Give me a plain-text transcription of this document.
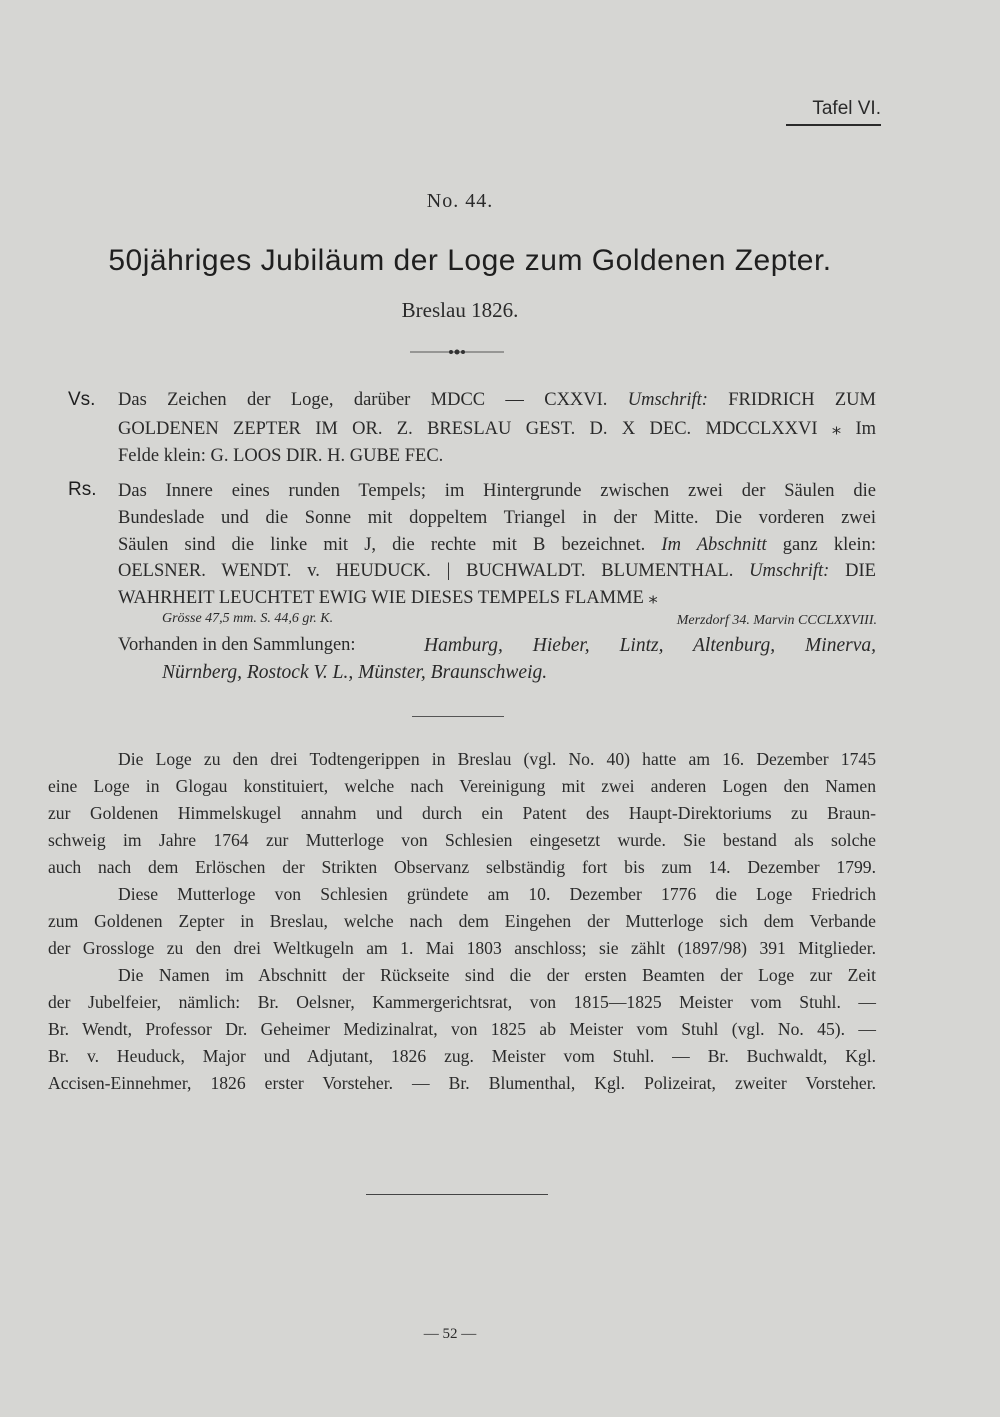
Tafel VI.
No. 44.
50jähriges Jubiläum der Loge zum Goldenen Zepter.
Breslau 1826.
Vs. Das Zeichen der Loge, darüber MDCC — CXXVI. Umschrift: FRIDRICH ZUM
GOLDENEN ZEPTER IM OR. Z. BRESLAU GEST. D. X DEC. MDCCLXXVI ⁎ Im
Felde klein: G. LOOS DIR. H. GUBE FEC.
Rs. Das Innere eines runden Tempels; im Hintergrunde zwischen zwei der Säulen die
Bundeslade und die Sonne mit doppeltem Triangel in der Mitte. Die vorderen zwei
Säulen sind die linke mit J, die rechte mit B bezeichnet. Im Abschnitt ganz klein:
OELSNER. WENDT. v. HEUDUCK. | BUCHWALDT. BLUMENTHAL. Umschrift: DIE
WAHRHEIT LEUCHTET EWIG WIE DIESES TEMPELS FLAMME ⁎
Grösse 47,5 mm. S. 44,6 gr. K.	Merzdorf 34. Marvin CCCLXXVIII.
Vorhanden in den Sammlungen:	Hamburg, Hieber, Lintz, Altenburg, Minerva,
Nürnberg, Rostock V. L., Münster, Braunschweig.
Die Loge zu den drei Todtengerippen in Breslau (vgl. No. 40) hatte am 16. Dezember 1745
eine Loge in Glogau konstituiert, welche nach Vereinigung mit zwei anderen Logen den Namen
zur Goldenen Himmelskugel annahm und durch ein Patent des Haupt-Direktoriums zu Braun-
schweig im Jahre 1764 zur Mutterloge von Schlesien eingesetzt wurde. Sie bestand als solche
auch nach dem Erlöschen der Strikten Observanz selbständig fort bis zum 14. Dezember 1799.
Diese Mutterloge von Schlesien gründete am 10. Dezember 1776 die Loge Friedrich
zum Goldenen Zepter in Breslau, welche nach dem Eingehen der Mutterloge sich dem Verbande
der Grossloge zu den drei Weltkugeln am 1. Mai 1803 anschloss; sie zählt (1897/98) 391 Mitglieder.
Die Namen im Abschnitt der Rückseite sind die der ersten Beamten der Loge zur Zeit
der Jubelfeier, nämlich: Br. Oelsner, Kammergerichtsrat, von 1815—1825 Meister vom Stuhl. —
Br. Wendt, Professor Dr. Geheimer Medizinalrat, von 1825 ab Meister vom Stuhl (vgl. No. 45). —
Br. v. Heuduck, Major und Adjutant, 1826 zug. Meister vom Stuhl. — Br. Buchwaldt, Kgl.
Accisen-Einnehmer, 1826 erster Vorsteher. — Br. Blumenthal, Kgl. Polizeirat, zweiter Vorsteher.
— 52 —
